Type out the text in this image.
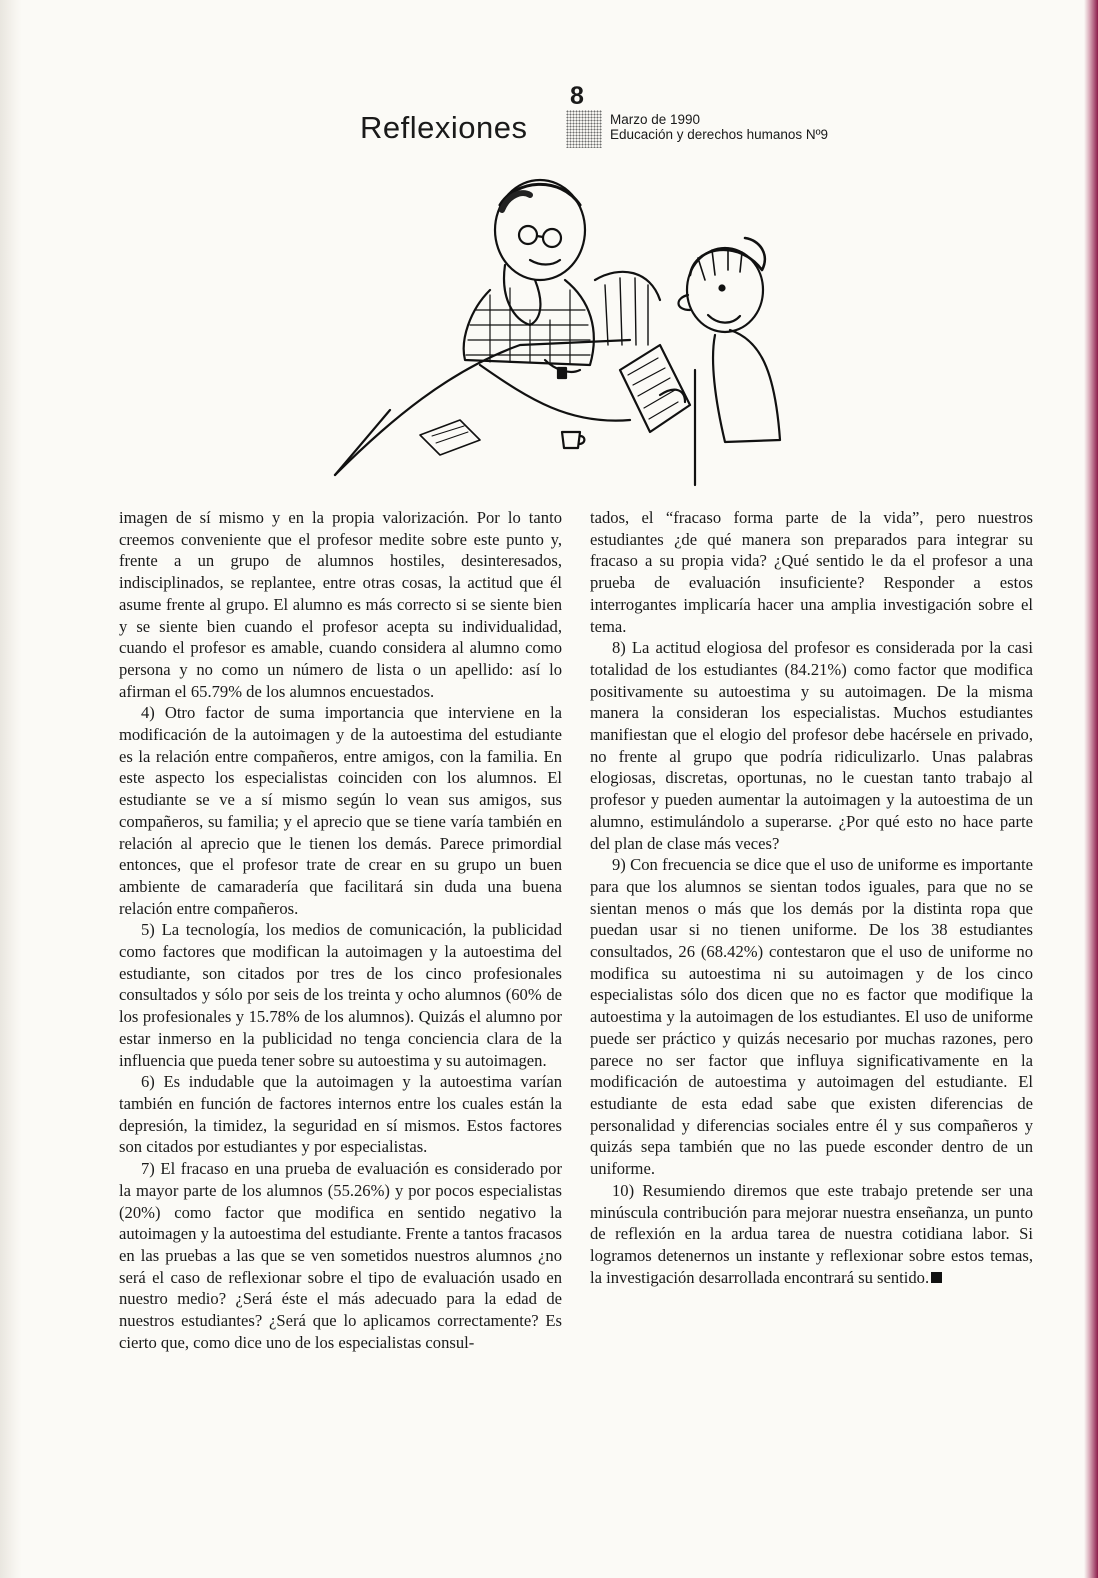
8
Reflexiones	Marzo de 1990
Educación y derechos humanos Nº9

imagen de sí mismo y en la propia valorización. Por lo tanto creemos conveniente que el profesor medite sobre este punto y, frente a un grupo de alumnos hostiles, desinteresados, indisciplinados, se replantee, entre otras cosas, la actitud que él asume frente al grupo. El alumno es más correcto si se siente bien y se siente bien cuando el profesor acepta su individualidad, cuando el profesor es amable, cuando considera al alumno como persona y no como un número de lista o un apellido: así lo afirman el 65.79% de los alumnos encuestados.

4) Otro factor de suma importancia que interviene en la modificación de la autoimagen y de la autoestima del estudiante es la relación entre compañeros, entre amigos, con la familia. En este aspecto los especialistas coinciden con los alumnos. El estudiante se ve a sí mismo según lo vean sus amigos, sus compañeros, su familia; y el aprecio que se tiene varía también en relación al aprecio que le tienen los demás. Parece primordial entonces, que el profesor trate de crear en su grupo un buen ambiente de camaradería que facilitará sin duda una buena relación entre compañeros.

5) La tecnología, los medios de comunicación, la publicidad como factores que modifican la autoimagen y la autoestima del estudiante, son citados por tres de los cinco profesionales consultados y sólo por seis de los treinta y ocho alumnos (60% de los profesionales y 15.78% de los alumnos). Quizás el alumno por estar inmerso en la publicidad no tenga conciencia clara de la influencia que pueda tener sobre su autoestima y su autoimagen.

6) Es indudable que la autoimagen y la autoestima varían también en función de factores internos entre los cuales están la depresión, la timidez, la seguridad en sí mismos. Estos factores son citados por estudiantes y por especialistas.

7) El fracaso en una prueba de evaluación es considerado por la mayor parte de los alumnos (55.26%) y por pocos especialistas (20%) como factor que modifica en sentido negativo la autoimagen y la autoestima del estudiante. Frente a tantos fracasos en las pruebas a las que se ven sometidos nuestros alumnos ¿no será el caso de reflexionar sobre el tipo de evaluación usado en nuestro medio? ¿Será éste el más adecuado para la edad de nuestros estudiantes? ¿Será que lo aplicamos correctamente? Es cierto que, como dice uno de los especialistas consul-

tados, el “fracaso forma parte de la vida”, pero nuestros estudiantes ¿de qué manera son preparados para integrar su fracaso a su propia vida? ¿Qué sentido le da el profesor a una prueba de evaluación insuficiente? Responder a estos interrogantes implicaría hacer una amplia investigación sobre el tema.

8) La actitud elogiosa del profesor es considerada por la casi totalidad de los estudiantes (84.21%) como factor que modifica positivamente su autoestima y su autoimagen. De la misma manera la consideran los especialistas. Muchos estudiantes manifiestan que el elogio del profesor debe hacérsele en privado, no frente al grupo que podría ridiculizarlo. Unas palabras elogiosas, discretas, oportunas, no le cuestan tanto trabajo al profesor y pueden aumentar la autoimagen y la autoestima de un alumno, estimulándolo a superarse. ¿Por qué esto no hace parte del plan de clase más veces?

9) Con frecuencia se dice que el uso de uniforme es importante para que los alumnos se sientan todos iguales, para que no se sientan menos o más que los demás por la distinta ropa que puedan usar si no tienen uniforme. De los 38 estudiantes consultados, 26 (68.42%) contestaron que el uso de uniforme no modifica su autoestima ni su autoimagen y de los cinco especialistas sólo dos dicen que no es factor que modifique la autoestima y la autoimagen de los estudiantes. El uso de uniforme puede ser práctico y quizás necesario por muchas razones, pero parece no ser factor que influya significativamente en la modificación de autoestima y autoimagen del estudiante. El estudiante de esta edad sabe que existen diferencias de personalidad y diferencias sociales entre él y sus compañeros y quizás sepa también que no las puede esconder dentro de un uniforme.

10) Resumiendo diremos que este trabajo pretende ser una minúscula contribución para mejorar nuestra enseñanza, un punto de reflexión en la ardua tarea de nuestra cotidiana labor. Si logramos detenernos un instante y reflexionar sobre estos temas, la investigación desarrollada encontrará su sentido.
